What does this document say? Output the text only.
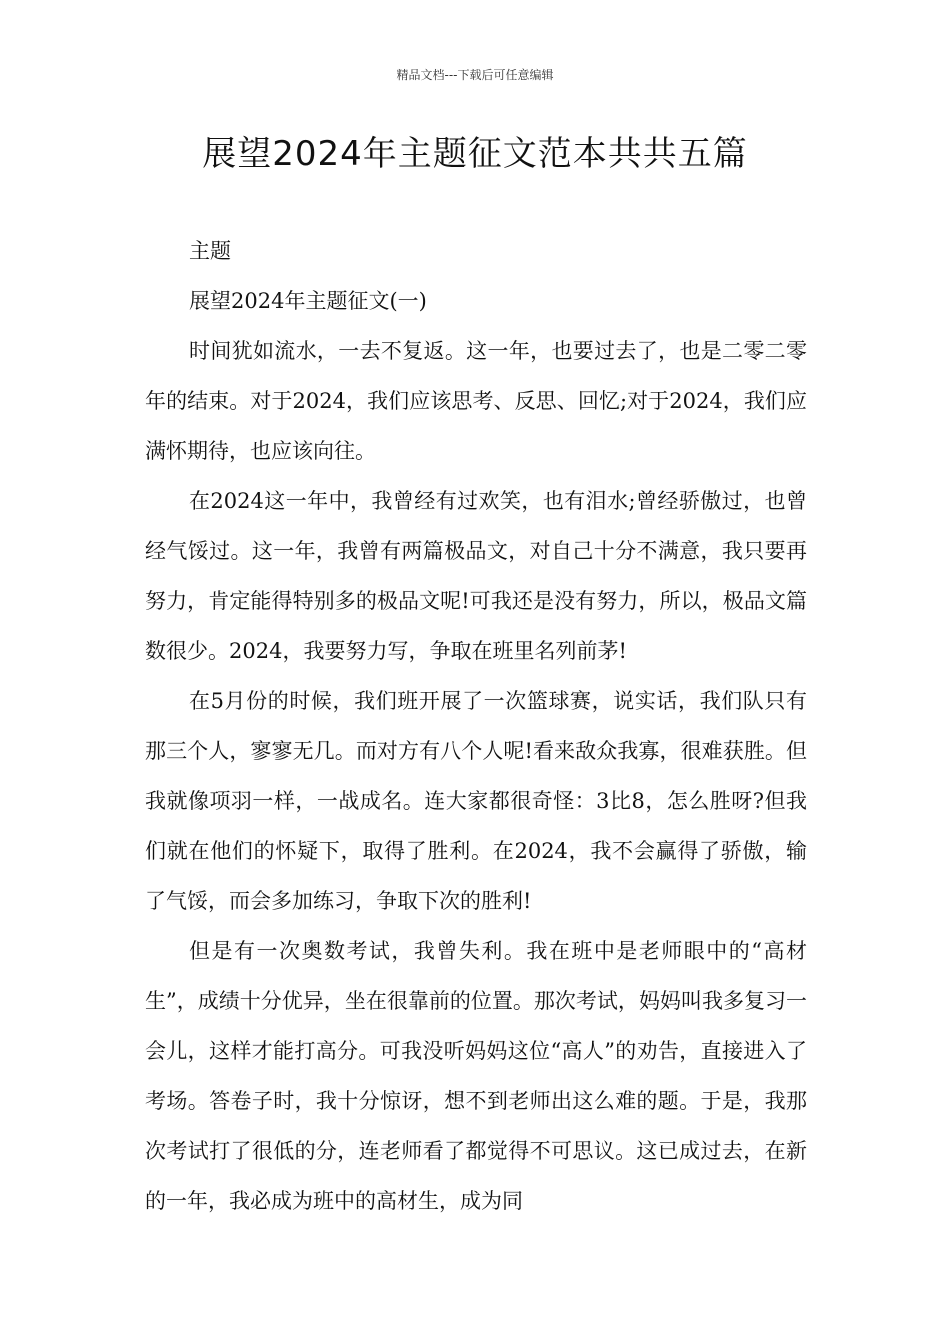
精品文档---下载后可任意编辑
展望2024年主题征文范本共共五篇

主题

展望2024年主题征文(一)

时间犹如流水，一去不复返。这一年，也要过去了，也是二零二零年的结束。对于2024，我们应该思考、反思、回忆;对于2024，我们应满怀期待，也应该向往。

在2024这一年中，我曾经有过欢笑，也有泪水;曾经骄傲过，也曾经气馁过。这一年，我曾有两篇极品文，对自己十分不满意，我只要再努力，肯定能得特别多的极品文呢!可我还是没有努力，所以，极品文篇数很少。2024，我要努力写，争取在班里名列前茅!

在5月份的时候，我们班开展了一次篮球赛，说实话，我们队只有那三个人，寥寥无几。而对方有八个人呢!看来敌众我寡，很难获胜。但我就像项羽一样，一战成名。连大家都很奇怪：3比8，怎么胜呀?但我们就在他们的怀疑下，取得了胜利。在2024，我不会赢得了骄傲，输了气馁，而会多加练习，争取下次的胜利!

但是有一次奥数考试，我曾失利。我在班中是老师眼中的“高材生”，成绩十分优异，坐在很靠前的位置。那次考试，妈妈叫我多复习一会儿，这样才能打高分。可我没听妈妈这位“高人”的劝告，直接进入了考场。答卷子时，我十分惊讶，想不到老师出这么难的题。于是，我那次考试打了很低的分，连老师看了都觉得不可思议。这已成过去，在新的一年，我必成为班中的高材生，成为同
